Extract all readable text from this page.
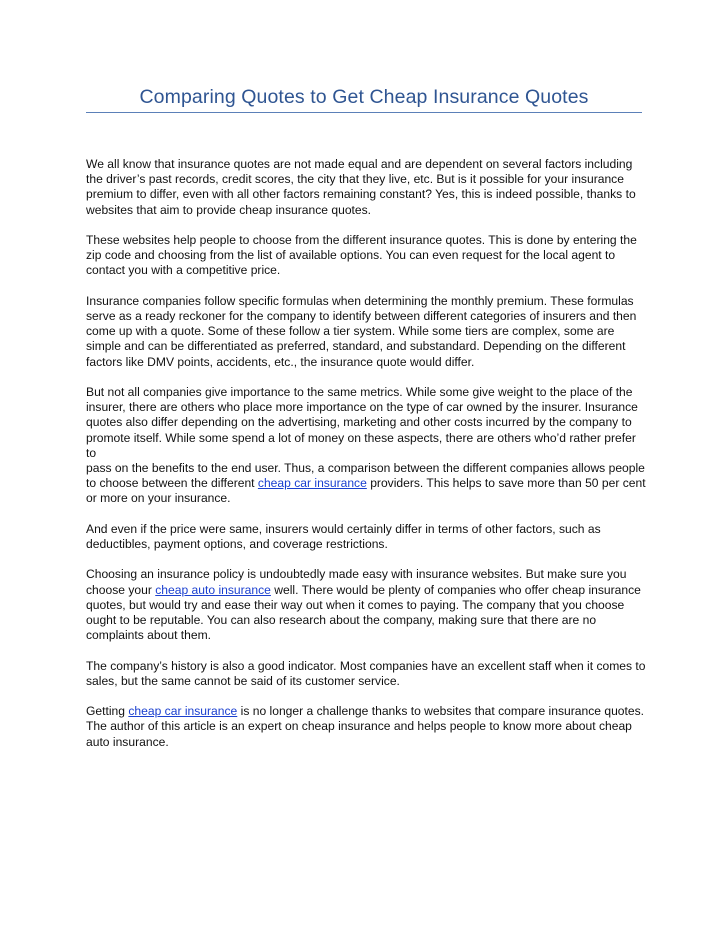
Comparing Quotes to Get Cheap Insurance Quotes

We all know that insurance quotes are not made equal and are dependent on several factors including
the driver’s past records, credit scores, the city that they live, etc. But is it possible for your insurance
premium to differ, even with all other factors remaining constant? Yes, this is indeed possible, thanks to
websites that aim to provide cheap insurance quotes.

These websites help people to choose from the different insurance quotes. This is done by entering the
zip code and choosing from the list of available options. You can even request for the local agent to
contact you with a competitive price.

Insurance companies follow specific formulas when determining the monthly premium. These formulas
serve as a ready reckoner for the company to identify between different categories of insurers and then
come up with a quote. Some of these follow a tier system. While some tiers are complex, some are
simple and can be differentiated as preferred, standard, and substandard. Depending on the different
factors like DMV points, accidents, etc., the insurance quote would differ.

But not all companies give importance to the same metrics. While some give weight to the place of the
insurer, there are others who place more importance on the type of car owned by the insurer. Insurance
quotes also differ depending on the advertising, marketing and other costs incurred by the company to
promote itself. While some spend a lot of money on these aspects, there are others who’d rather prefer to
pass on the benefits to the end user. Thus, a comparison between the different companies allows people
to choose between the different cheap car insurance providers. This helps to save more than 50 per cent
or more on your insurance.

And even if the price were same, insurers would certainly differ in terms of other factors, such as
deductibles, payment options, and coverage restrictions.

Choosing an insurance policy is undoubtedly made easy with insurance websites. But make sure you
choose your cheap auto insurance well. There would be plenty of companies who offer cheap insurance
quotes, but would try and ease their way out when it comes to paying. The company that you choose
ought to be reputable. You can also research about the company, making sure that there are no
complaints about them.

The company’s history is also a good indicator. Most companies have an excellent staff when it comes to
sales, but the same cannot be said of its customer service.

Getting cheap car insurance is no longer a challenge thanks to websites that compare insurance quotes.
The author of this article is an expert on cheap insurance and helps people to know more about cheap
auto insurance.
